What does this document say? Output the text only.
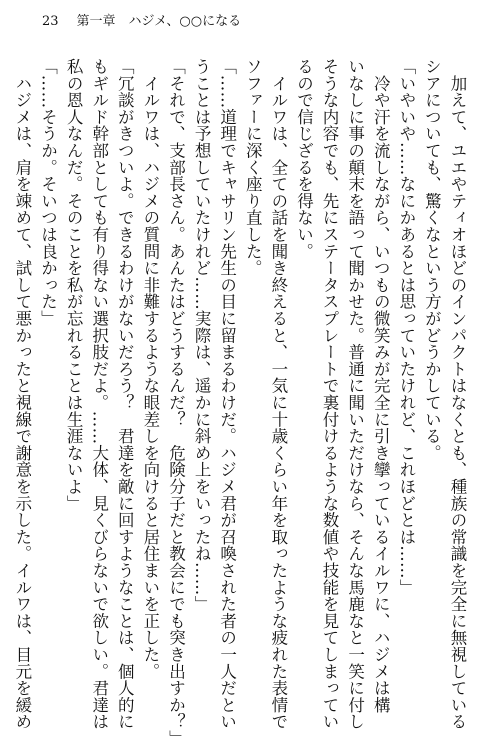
23 第一章　ハジメ、○○になる
　加えて、ユエやティオほどのインパクトはなくとも、種族の常識を完全に無視している
シアについても、驚くなという方がどうかしている。
「いやいや……なにかあるとは思っていたけれど、これほどとは……」
　冷や汗を流しながら、いつもの微笑みが完全に引き攣っているイルワに、ハジメは構
いなしに事の顛末を語って聞かせた。普通に聞いただけなら、そんな馬鹿なと一笑に付し
そうな内容でも、先にステータスプレートで裏付けるような数値や技能を見てしまってい
るので信じざるを得ない。
　イルワは、全ての話を聞き終えると、一気に十歳くらい年を取ったような疲れた表情で
ソファーに深く座り直した。
「……道理でキャサリン先生の目に留まるわけだ。ハジメ君が召喚された者の一人だとい
うことは予想していたけれど……実際は、遥かに斜め上をいったね……」
「それで、支部長さん。あんたはどうするんだ？　危険分子だと教会にでも突き出すか？」
　イルワは、ハジメの質問に非難するような眼差しを向けると居住まいを正した。
「冗談がきついよ。できるわけがないだろう？　君達を敵に回すようなことは、個人的に
もギルド幹部としても有り得ない選択肢だよ。……大体、見くびらないで欲しい。君達は
私の恩人なんだ。そのことを私が忘れることは生涯ないよ」
「……そうか。そいつは良かった」
　ハジメは、肩を竦めて、試して悪かったと視線で謝意を示した。イルワは、目元を緩め
